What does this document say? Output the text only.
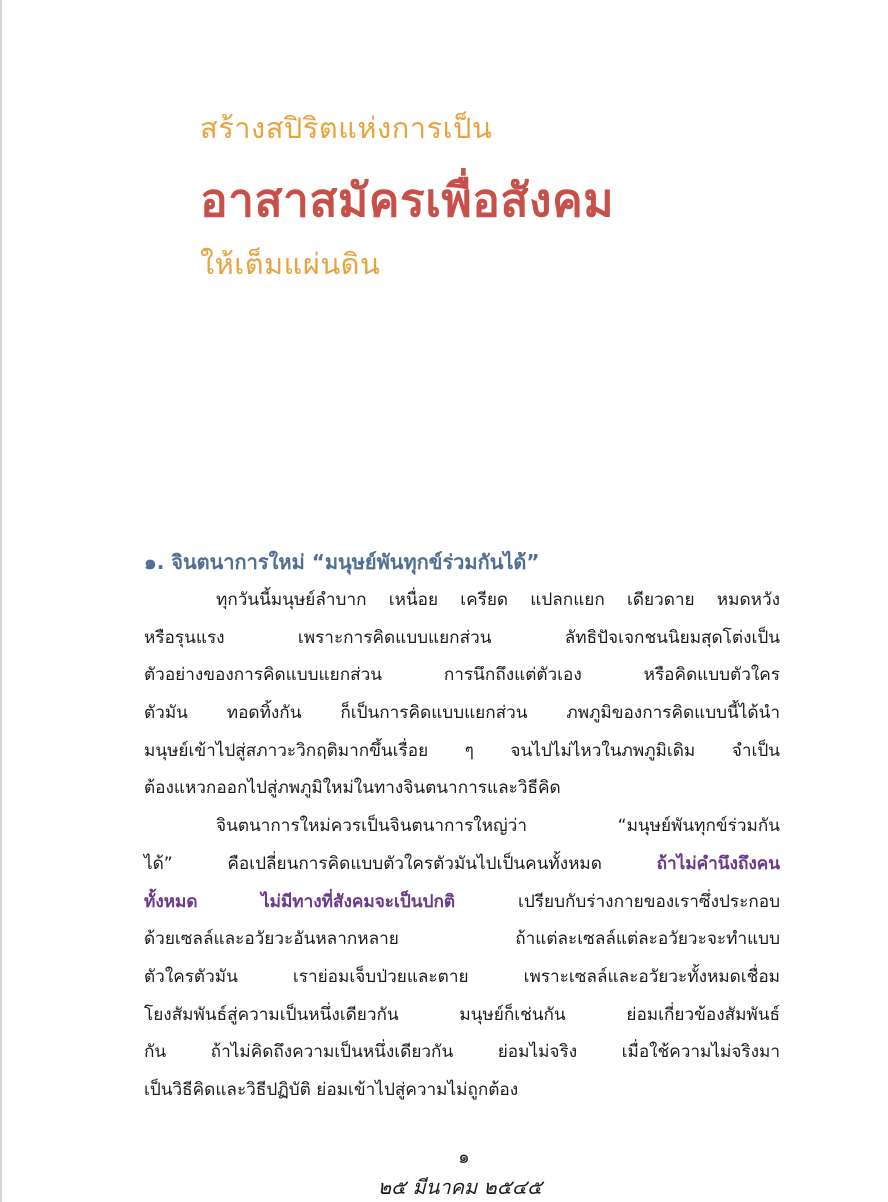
สร้างสปิริตแห่งการเป็น
อาสาสมัครเพื่อสังคม
ให้เต็มแผ่นดิน
๑. จินตนาการใหม่ “มนุษย์พันทุกข์ร่วมกันได้”
ทุกวันนี้มนุษย์ลำบาก เหนื่อย เครียด แปลกแยก เดียวดาย หมดหวัง
หรือรุนแรง เพราะการคิดแบบแยกส่วน ลัทธิปัจเจกชนนิยมสุดโต่งเป็น
ตัวอย่างของการคิดแบบแยกส่วน การนึกถึงแต่ตัวเอง หรือคิดแบบตัวใคร
ตัวมัน ทอดทิ้งกัน ก็เป็นการคิดแบบแยกส่วน ภพภูมิของการคิดแบบนี้ได้นำ
มนุษย์เข้าไปสู่สภาวะวิกฤติมากขึ้นเรื่อย ๆ จนไปไม่ไหวในภพภูมิเดิม จำเป็น
ต้องแหวกออกไปสู่ภพภูมิใหม่ในทางจินตนาการและวิธีคิด
จินตนาการใหม่ควรเป็นจินตนาการใหญ่ว่า “มนุษย์พันทุกข์ร่วมกัน
ได้” คือเปลี่ยนการคิดแบบตัวใครตัวมันไปเป็นคนทั้งหมด ถ้าไม่คำนึงถึงคน
ทั้งหมด ไม่มีทางที่สังคมจะเป็นปกติ เปรียบกับร่างกายของเราซึ่งประกอบ
ด้วยเซลล์และอวัยวะอันหลากหลาย ถ้าแต่ละเซลล์แต่ละอวัยวะจะทำแบบ
ตัวใครตัวมัน เราย่อมเจ็บป่วยและตาย เพราะเซลล์และอวัยวะทั้งหมดเชื่อม
โยงสัมพันธ์สู่ความเป็นหนึ่งเดียวกัน มนุษย์ก็เช่นกัน ย่อมเกี่ยวข้องสัมพันธ์
กัน ถ้าไม่คิดถึงความเป็นหนึ่งเดียวกัน ย่อมไม่จริง เมื่อใช้ความไม่จริงมา
เป็นวิธีคิดและวิธีปฏิบัติ ย่อมเข้าไปสู่ความไม่ถูกต้อง
๑
๒๕ มีนาคม ๒๕๔๕
